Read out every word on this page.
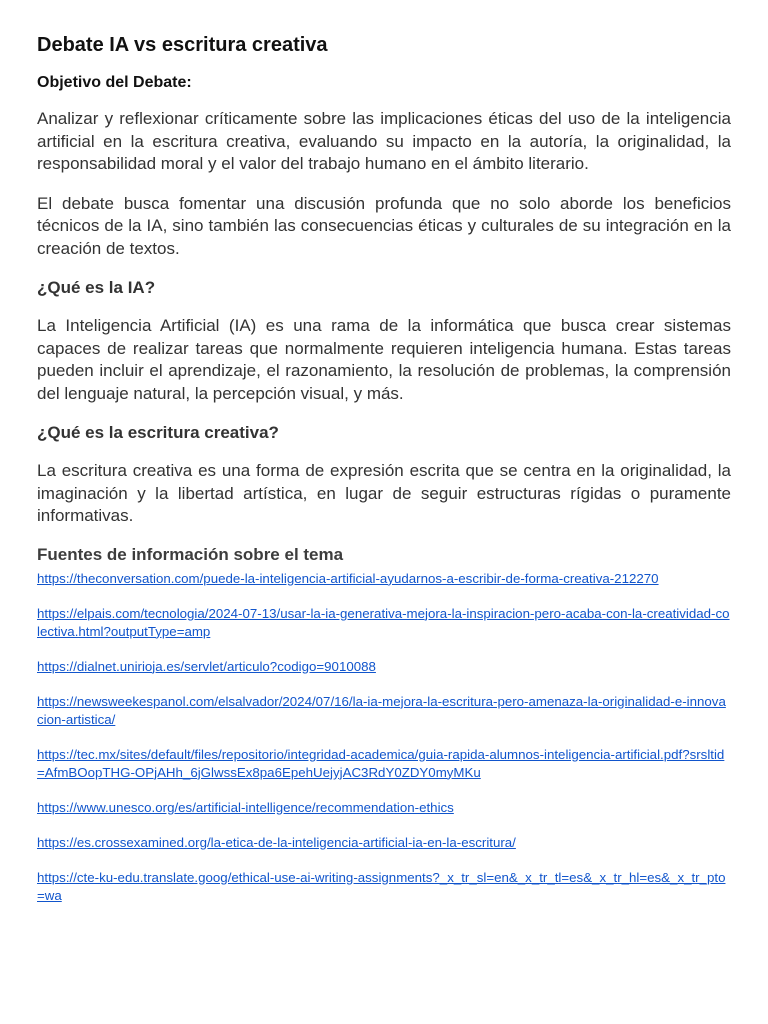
Debate IA vs escritura creativa
Objetivo del Debate:

Analizar y reflexionar críticamente sobre las implicaciones éticas del uso de la inteligencia artificial en la escritura creativa, evaluando su impacto en la autoría, la originalidad, la responsabilidad moral y el valor del trabajo humano en el ámbito literario.

El debate busca fomentar una discusión profunda que no solo aborde los beneficios técnicos de la IA, sino también las consecuencias éticas y culturales de su integración en la creación de textos.

¿Qué es la IA?

La Inteligencia Artificial (IA) es una rama de la informática que busca crear sistemas capaces de realizar tareas que normalmente requieren inteligencia humana. Estas tareas pueden incluir el aprendizaje, el razonamiento, la resolución de problemas, la comprensión del lenguaje natural, la percepción visual, y más.

¿Qué es la escritura creativa?

La escritura creativa es una forma de expresión escrita que se centra en la originalidad, la imaginación y la libertad artística, en lugar de seguir estructuras rígidas o puramente informativas.

Fuentes de información sobre el tema
https://theconversation.com/puede-la-inteligencia-artificial-ayudarnos-a-escribir-de-forma-creativa-212270
https://elpais.com/tecnologia/2024-07-13/usar-la-ia-generativa-mejora-la-inspiracion-pero-acaba-con-la-creatividad-colectiva.html?outputType=amp
https://dialnet.unirioja.es/servlet/articulo?codigo=9010088
https://newsweekespanol.com/elsalvador/2024/07/16/la-ia-mejora-la-escritura-pero-amenaza-la-originalidad-e-innovacion-artistica/
https://tec.mx/sites/default/files/repositorio/integridad-academica/guia-rapida-alumnos-inteligencia-artificial.pdf?srsltid=AfmBOopTHG-OPjAHh_6jGlwssEx8pa6EpehUejyjAC3RdY0ZDY0myMKu
https://www.unesco.org/es/artificial-intelligence/recommendation-ethics
https://es.crossexamined.org/la-etica-de-la-inteligencia-artificial-ia-en-la-escritura/
https://cte-ku-edu.translate.goog/ethical-use-ai-writing-assignments?_x_tr_sl=en&_x_tr_tl=es&_x_tr_hl=es&_x_tr_pto=wa
